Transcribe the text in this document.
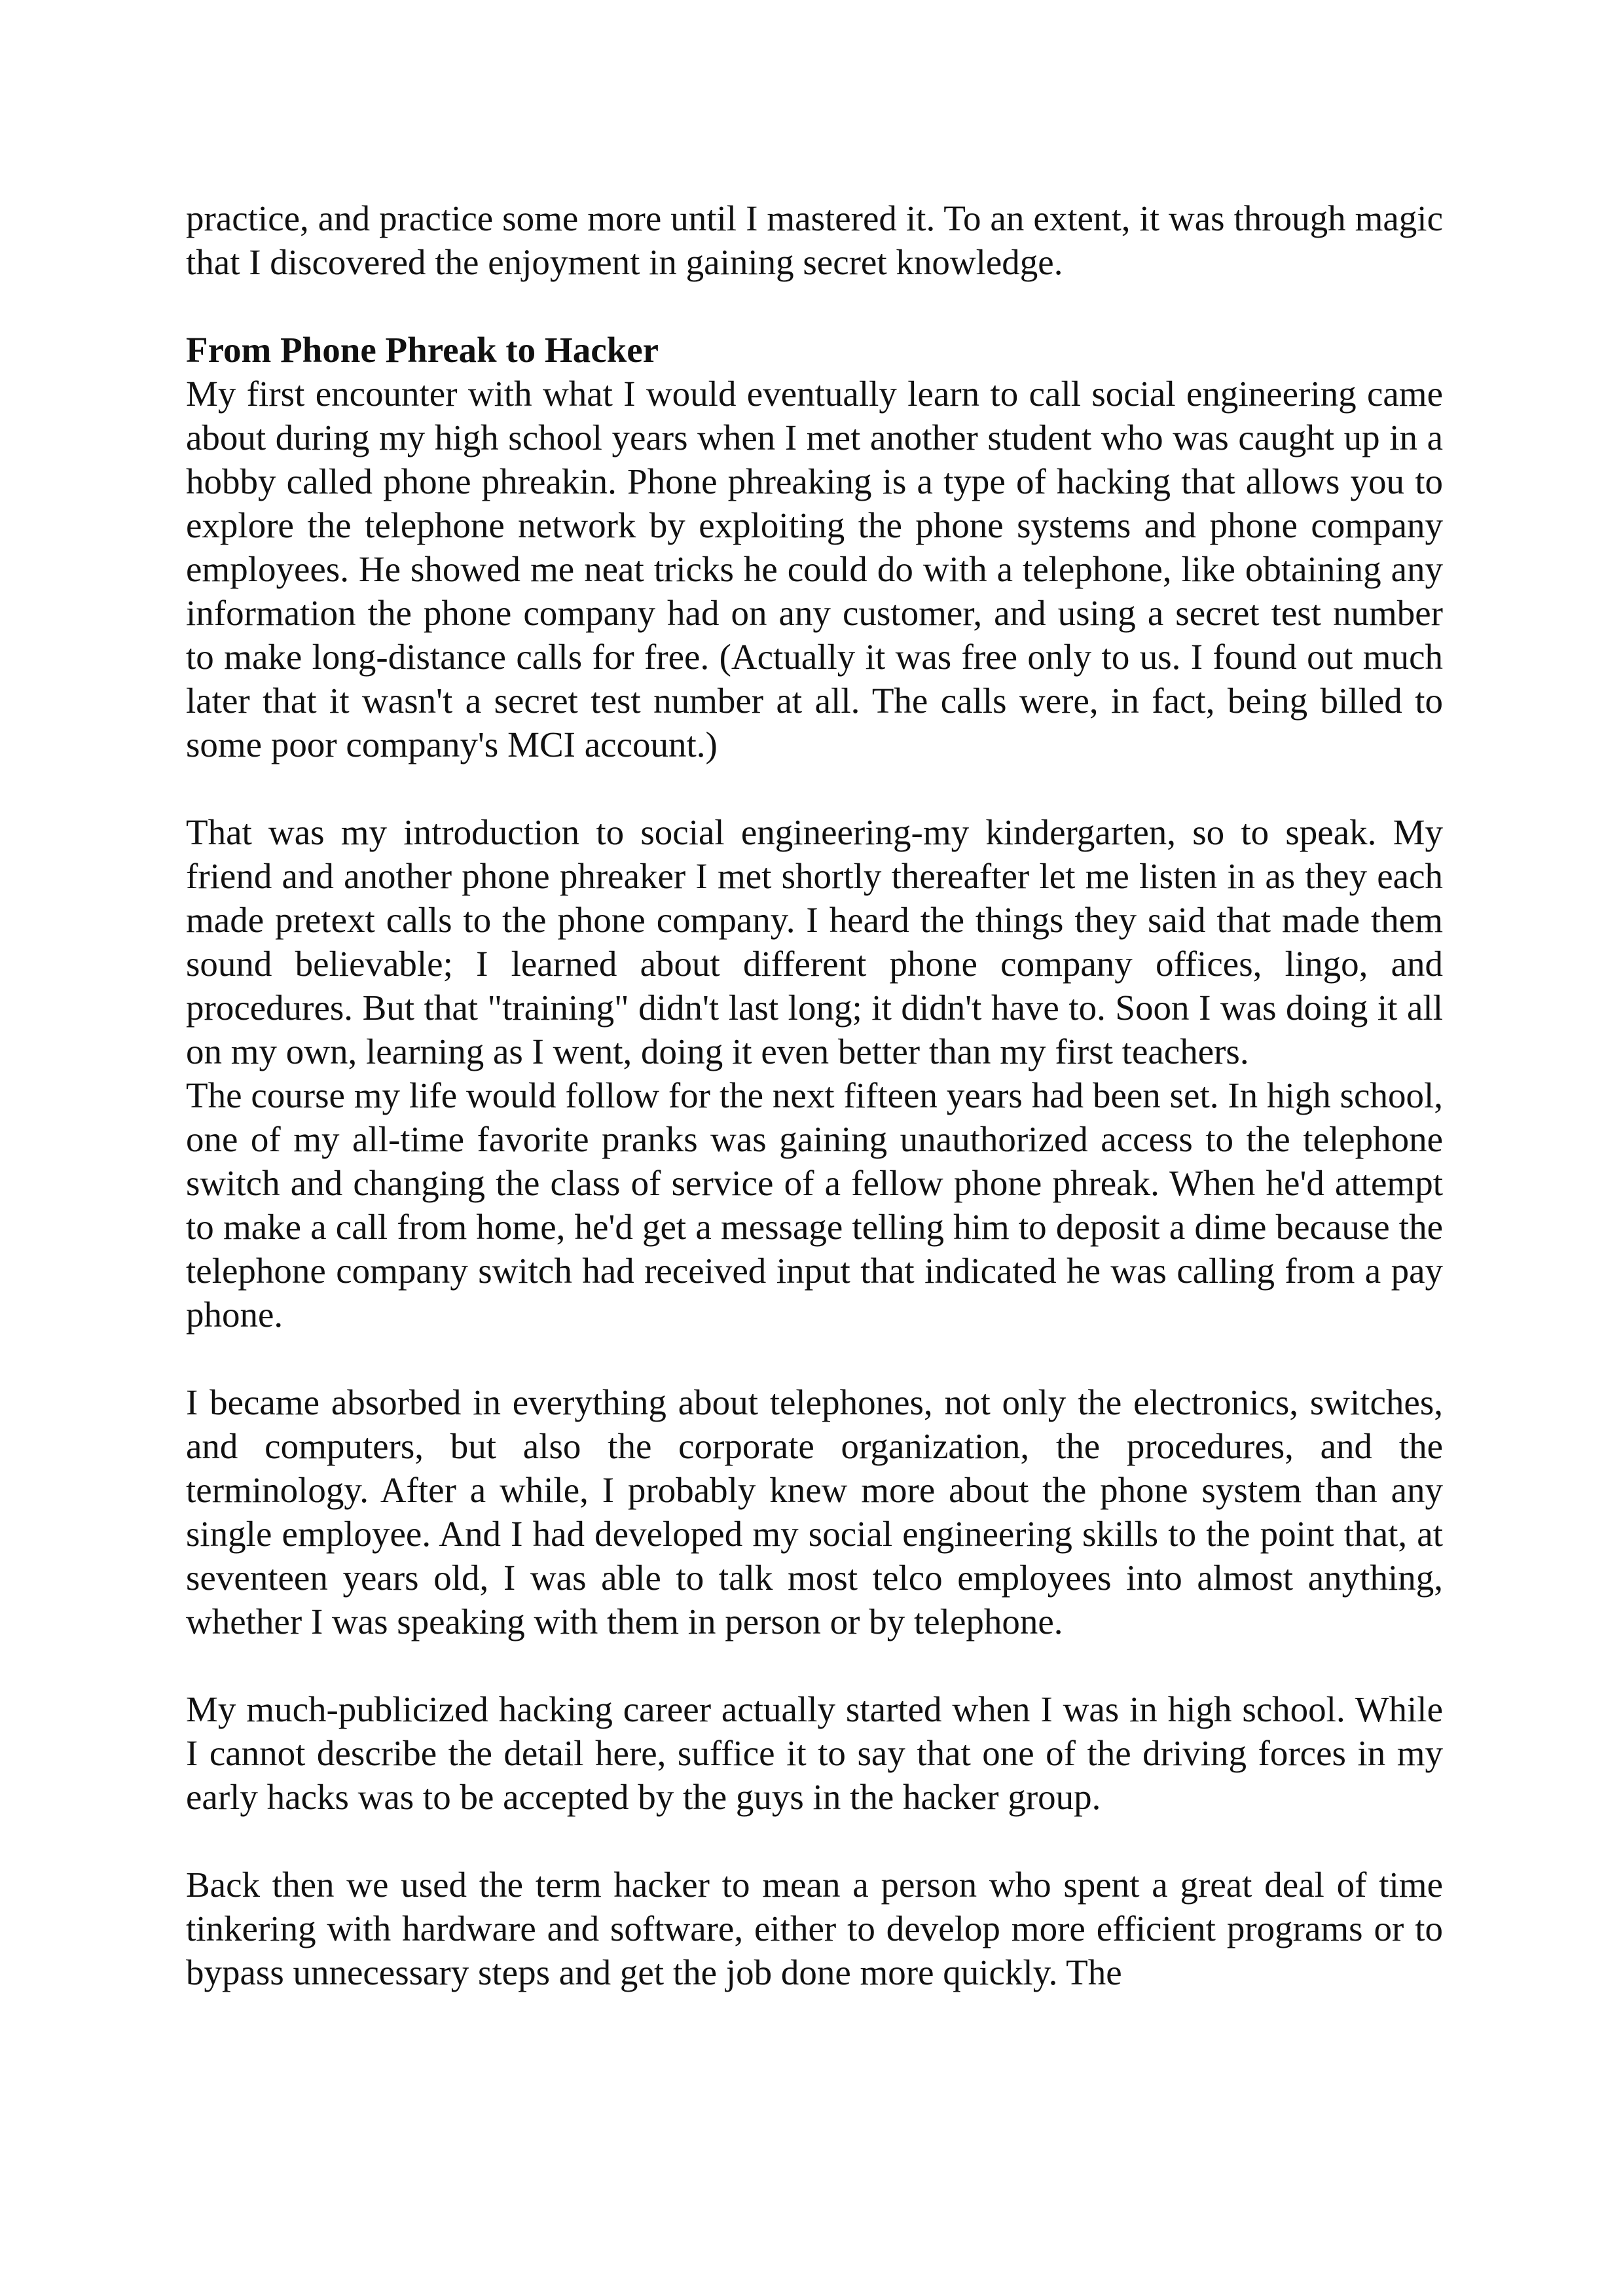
practice, and practice some more until I mastered it. To an extent, it was through magic that I discovered the enjoyment in gaining secret knowledge.

From Phone Phreak to Hacker

My first encounter with what I would eventually learn to call social engineering came about during my high school years when I met another student who was caught up in a hobby called phone phreakin. Phone phreaking is a type of hacking that allows you to explore the telephone network by exploiting the phone systems and phone company employees. He showed me neat tricks he could do with a telephone, like obtaining any information the phone company had on any customer, and using a secret test number to make long-distance calls for free. (Actually it was free only to us. I found out much later that it wasn't a secret test number at all. The calls were, in fact, being billed to some poor company's MCI account.)

That was my introduction to social engineering-my kindergarten, so to speak. My friend and another phone phreaker I met shortly thereafter let me listen in as they each made pretext calls to the phone company. I heard the things they said that made them sound believable; I learned about different phone company offices, lingo, and procedures. But that "training" didn't last long; it didn't have to. Soon I was doing it all on my own, learning as I went, doing it even better than my first teachers.

The course my life would follow for the next fifteen years had been set. In high school, one of my all-time favorite pranks was gaining unauthorized access to the telephone switch and changing the class of service of a fellow phone phreak. When he'd attempt to make a call from home, he'd get a message telling him to deposit a dime because the telephone company switch had received input that indicated he was calling from a pay phone.

I became absorbed in everything about telephones, not only the electronics, switches, and computers, but also the corporate organization, the procedures, and the terminology. After a while, I probably knew more about the phone system than any single employee. And I had developed my social engineering skills to the point that, at seventeen years old, I was able to talk most telco employees into almost anything, whether I was speaking with them in person or by telephone.

My much-publicized hacking career actually started when I was in high school. While I cannot describe the detail here, suffice it to say that one of the driving forces in my early hacks was to be accepted by the guys in the hacker group.

Back then we used the term hacker to mean a person who spent a great deal of time tinkering with hardware and software, either to develop more efficient programs or to bypass unnecessary steps and get the job done more quickly. The
